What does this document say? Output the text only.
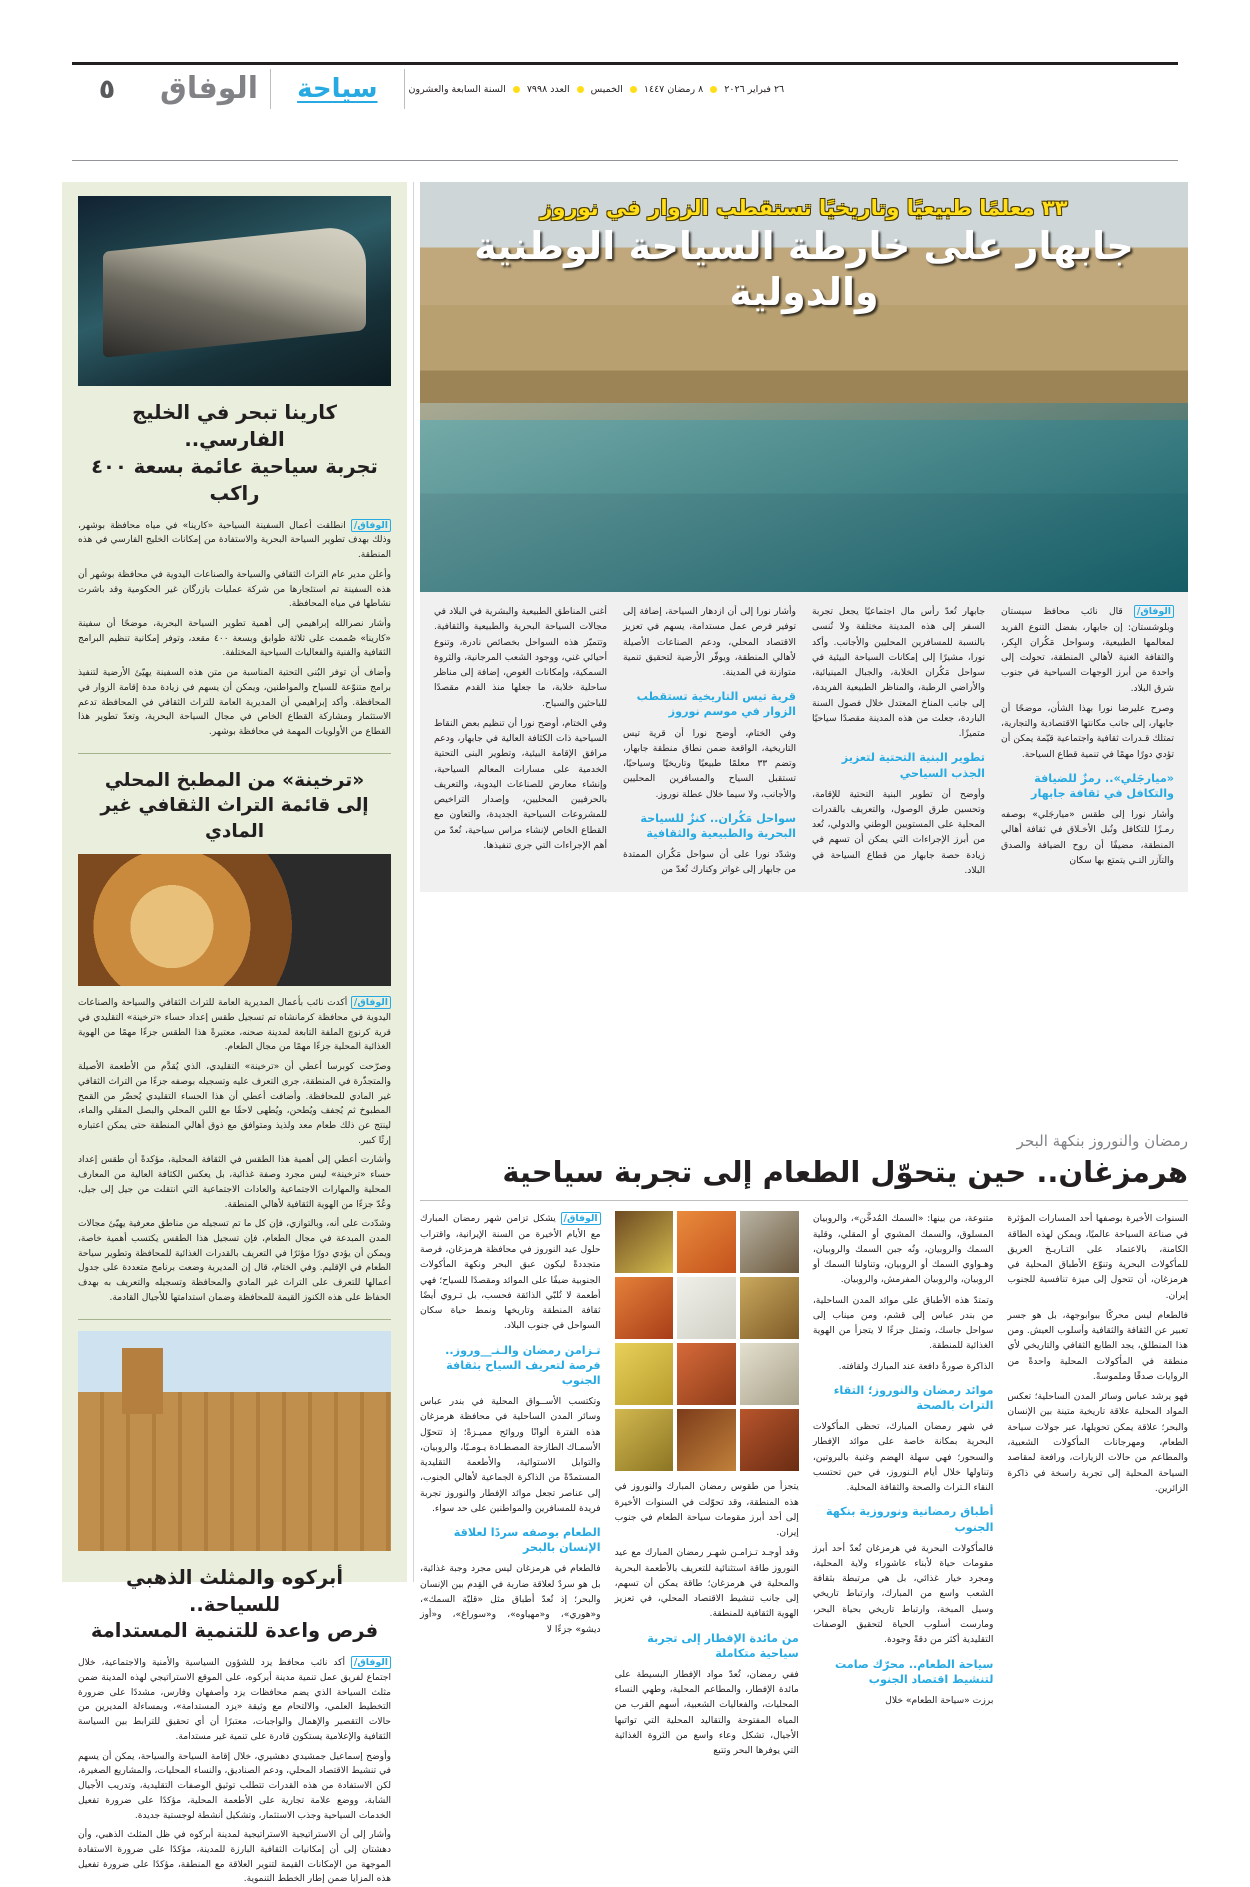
٥	الوفاق	سياحة	٢٦ فبراير ٢٠٢٦  ٨ رمضان ١٤٤٧  الخميس  العدد ٧٩٩٨  السنة السابعة والعشرون
كارينا تبحر في الخليج الفارسي..
تجربة سياحية عائمة بسعة ٤٠٠ راكب

الوفاق/ انطلقت أعمال السفينة السياحية «كارينا» في مياه محافظة بوشهر، وذلك بهدف تطوير السياحة البحرية والاستفادة من إمكانات الخليج الفارسي في هذه المنطقة.

وأعلن مدير عام التراث الثقافي والسياحة والصناعات اليدوية في محافظة بوشهر أن هذه السفينة تم استئجارها من شركة عمليات بازرگان غير الحكومية وقد باشرت نشاطها في مياه المحافظة.

وأشار نصرالله إبراهيمي إلى أهمية تطوير السياحة البحرية، موضحًا أن سفينة «كارينا» صُممت على ثلاثة طوابق وبسعة ٤٠٠ مقعد، وتوفر إمكانية تنظيم البرامج الثقافية والفنية والفعاليات السياحية المختلفة.

وأضاف أن توفر البُنى التحتية المناسبة من متن هذه السفينة يهيّئ الأرضية لتنفيذ برامج متنوّعة للسياح والمواطنين، ويمكن أن يسهم في زيادة مدة إقامة الزوار في المحافظة. وأكد إبراهيمي أن المديرية العامة للتراث الثقافي في المحافظة تدعم الاستثمار ومشاركة القطاع الخاص في مجال السياحة البحرية، وتعدّ تطوير هذا القطاع من الأولويات المهمة في محافظة بوشهر.

«ترخينة» من المطبخ المحلي
إلى قائمة التراث الثقافي غير المادي

الوفاق/ أكدت نائب بأعمال المديرية العامة للتراث الثقافي والسياحة والصناعات اليدوية في محافظة كرمانشاه تم تسجيل طقس إعداد حساء «ترخينة» التقليدي في قرية كرنوچ الملفة التابعة لمدينة صحنه، معتبرةً هذا الطقس جزءًا مهمًا من الهوية الغذائية المحلية جزءًا مهمًا من مجال الطعام.

وصرّحت كوبرسا أعطي أن «ترخينة» التقليدي، الذي يُقدَّم من الأطعمة الأصيلة والمتجذّرة في المنطقة، جرى التعرف عليه وتسجيله بوصفه جزءًا من التراث الثقافي غير المادي للمحافظة. وأضافت أعطي أن هذا الحساء التقليدي يُحضّر من القمح المطبوخ ثم يُجفف ويُطحن، ويُطهى لاحقًا مع اللبن المحلي والبصل المقلي والماء، لينتج عن ذلك طعام معد ولذيذ ومتوافق مع ذوق أهالي المنطقة حتى يمكن اعتباره إرثًا كبير.

وأشارت أعطي إلى أهمية هذا الطقس في الثقافة المحلية، مؤكدةً أن طقس إعداد حساء «ترخينة» ليس مجرد وصفة غذائية، بل يعكس الكثافة العالية من المعارف المحلية والمهارات الاجتماعية والعادات الاجتماعية التي انتقلت من جيل إلى جيل، وعُدّ جزءًا من الهوية الثقافية لأهالي المنطقة.

وشدّدت على أنه، وبالتوازي، فإن كل ما تم تسجيله من مناطق معرفية يهيّئ مجالات المدن المبدعة في مجال الطعام، فإن تسجيل هذا الطقس يكتسب أهمية خاصة، ويمكن أن يؤدي دورًا مؤثرًا في التعريف بالقدرات الغذائية للمحافظة وتطوير سياحة الطعام في الإقليم. وفي الختام، قال إن المديرية وضعت برنامج متعددة على جدول أعمالها للتعرف على التراث غير المادي والمحافظة وتسجيله والتعريف به بهدف الحفاظ على هذه الكنوز القيمة للمحافظة وضمان استدامتها للأجيال القادمة.

أبركوه والمثلث الذهبي للسياحة..
فرص واعدة للتنمية المستدامة

الوفاق/ أكد نائب محافظ يزد للشؤون السياسية والأمنية والاجتماعية، خلال اجتماع لفريق عمل تنمية مدينة أبركوه، على الموقع الاستراتيجي لهذه المدينة ضمن مثلث السياحة الذي يضم محافظات يزد وأصفهان وفارس، مشددًا على ضرورة التخطيط العلمي، والالتحام مع وثيقة «يزد المستدامة»، وبمساءلة المديرين من حالات التقصير والإهمال والواجبات، معتبرًا أن أي تحقيق للترابط بين السياسة الثقافية والإعلامية يستكون قادرة على تنمية غير مستدامة.

وأوضح إسماعيل جمشيدي دهشيري، خلال إقامة السياحة والسياحة، يمكن أن يسهم في تنشيط الاقتصاد المحلي، ودعم الصناديق، والنساء المحليات، والمشاريع الصغيرة، لكن الاستفادة من هذه القدرات تتطلب توثيق الوصفات التقليدية، وتدريب الأجيال الشابة، ووضع علامة تجارية على الأطعمة المحلية، مؤكدًا على ضرورة تفعيل الخدمات السياحية وجذب الاستثمار، وتشكيل أنشطة لوجستية جديدة.

وأشار إلى أن الاستراتيجية الاستراتيجية لمدينة أبركوه في ظل المثلث الذهبي، وأن دهشتان إلى أن إمكانيات الثقافية البارزة للمدينة، مؤكدًا على ضرورة الاستفادة الموجهة من الإمكانات القيمة لتنوير العلاقة مع المنطقة، مؤكدًا على ضرورة تفعيل هذه المزايا ضمن إطار الخطط التنموية.

٣٣ معلمًا طبيعيًا وتاريخيًا تستقطب الزوار في نوروز
جابهار على خارطة السياحة الوطنية والدولية

الوفاق/ قال نائب محافظ سيستان وبلوشستان: إن جابهار، بفضل التنوع الفريد لمعالمها الطبيعية، وسواحل مَكُران البِكر، والثقافة الغنية لأهالي المنطقة، تحولت إلى واحدة من أبرز الوجهات السياحية في جنوب شرق البلاد.

وصرح عليرضا نورا بهذا الشأن، موضحًا أن جابهار، إلى جانب مكانتها الاقتصادية والتجارية، تمتلك قـدرات ثقافية واجتماعية قيّمة يمكن أن تؤدي دورًا مهمًا في تنمية قطاع السياحة.

«ميارجَلي».. رمزٌ للضيافة والتكافل في ثقافة جابهار

وأشار نورا إلى طقس «ميارجَلي» بوصفه رمـزًا للتكافل وتُبل الأخـلاق في ثقافة أهالي المنطقة، مضيفًا أن روح الضيافة والصدق والتآزر التـي يتمتع بها سكان

جابهار تُعدّ رأس مال اجتماعيًا يجعل تجربة السفر إلى هذه المدينة مختلفة ولا تُنسى بالنسبة للمسافرين المحليين والأجانب. وأكد نورا، مشيرًا إلى إمكانات السياحة البيئية في سواحل مَكُران الخلابة، والجبال المينيائية، والأراضي الرطبة، والمناظر الطبيعية الفريدة، إلى جانب المناخ المعتدل خلال فصول السنة الباردة، جعلت من هذه المدينة مقصدًا سياحيًا متميزًا.

تطوير البنية التحتية لتعزيز الجذب السياحي

وأوضح أن تطوير البنية التحتية للإقامة، وتحسين طرق الوصول، والتعريف بالقدرات المحلية على المستويين الوطني والدولي، تُعد من أبرز الإجراءات التي يمكن أن تسهم في زيادة حصة جابهار من قطاع السياحة في البلاد.

وأشار نورا إلى أن ازدهار السياحة، إضافة إلى توفير فرص عمل مستدامة، يسهم في تعزيز الاقتصاد المحلي، ودعم الصناعات الأصيلة لأهالي المنطقة، ويوفّر الأرضية لتحقيق تنمية متوازنة في المدينة.

قرية تيس التاريخية تستقطب الزوار في موسم نوروز

وفي الختام، أوضح نورا أن قرية تيس التاريخية، الواقعة ضمن نطاق منطقة جابهار، وتضم ٣٣ معلمًا طبيعيًا وتاريخيًا وسياحيًا، تستقبل السياح والمسافرين المحليين والأجانب، ولا سيما خلال عطلة نوروز.

سواحل مَكُران.. كنزٌ للسياحة البحرية والطبيعية والثقافية

وشدّد نورا على أن سواحل مَكُران الممتدة من جابهار إلى غواتر وكنارك تُعدّ من

أغنى المناطق الطبيعية والبشرية في البلاد في مجالات السياحة البحرية والطبيعية والثقافية. وتتميّز هذه السواحل بخصائص نادرة، وتنوع أحيائي غني، ووجود الشعب المرجانية، والثروة السمكية، وإمكانات الغوص، إضافة إلى مناظر ساحلية خلابة، ما جعلها منذ القدم مقصدًا للباحثين والسياح.

وفي الختام، أوضح نورا أن تنظيم بعض النقاط السياحية ذات الكثافة العالية في جابهار، ودعم مرافق الإقامة البيئية، وتطوير البنى التحتية الخدمية على مسارات المعالم السياحية، وإنشاء معارض للصناعات اليدوية، والتعريف بالحرفيين المحليين، وإصدار التراخيص للمشروعات السياحية الجديدة، والتعاون مع القطاع الخاص لإنشاء مراس سياحية، تُعدّ من أهم الإجراءات التي جرى تنفيذها.

رمضان والنوروز بنكهة البحر
هرمزغان.. حين يتحوّل الطعام إلى تجربة سياحية

السنوات الأخيرة بوصفها أحد المسارات المؤثرة في صناعة السياحة عالميًا، ويمكن لهذه الطاقة الكامنة، بالاعتماد على التـاريـخ العريق للمأكولات البحرية وتنوّع الأطباق المحلية في هرمزغان، أن تتحول إلى ميزة تنافسية للجنوب إيران.

فالطعام ليس محركًا ببوابوجهة، بل هو جسر تعبير عن الثقافة والثقافية وأسلوب العيش. ومن هذا المنطلق، يجد الطابع الثقافي والتاريخي لأي منطقة في المأكولات المحلية واحدةً من الروايات صدقًا وملموسةً.

فهو يرشد عباس وسائر المدن الساحلية؛ تعكس المواد المحلية علاقة تاريخية متينة بين الإنسان والبحر؛ علاقة يمكن تحويلها، عبر جولات سياحة الطعام، ومهرجانات المأكولات الشعبية، والمطاعم من حالات الزيارات، ورافعة لمقاصد السياحة المحلية إلى تجربة راسخة في ذاكرة الزائرين.

متنوعة، من بينها: «السمك المُدخَّن»، والروبيان المسلوق، والسمك المشوي أو المقلي، وقلية السمك والروبيان، وتُه جبن السمك والروبيان، وهـواوي السمك أو الروبيان، وتناولنا السمك أو الروبيان، والروبيان المفرمش، والروبيان.

وتمتدّ هذه الأطباق على موائد المدن الساحلية، من بندر عباس إلى قشم، ومن ميناب إلى سواحل جاسك، وتمثل جزءًا لا يتجزأ من الهوية الغذائية للمنطقة.

الذاكرة صورةٌ دافعة عند المبارك ولقافته.

موائد رمضان والنوروز؛ التقاء التراث بالصحة

في شهر رمضان المبارك، تحظى المأكولات البحرية بمكانة خاصة على موائد الإفطار والسحور؛ فهي سهلة الهضم وغنية بالبروتين، وتناولها خلال أيام الـنوروز، في حين تحتسب النقاء الـتراث والصحة والثقافة المحلية.

أطباق رمضانية ونوروزية بنكهة الجنوب

فالمأكولات البحرية في هرمزغان تُعدّ أحد أبرز مقومات حياة لأبناء عاشوراء ولاية المحلية، ومجرد خيار غذائي، بل هي مرتبطة بثقافة الشعب واسع من المبارك، وارتباط تاريخي وسيل المبخة، وارتباط تاريخي بحياة البحر، ومارست أسلوب الحياة لتحقيق الوصفات التقليدية أكثر من دقةً وجودة.

سياحة الطعام.. محرّك صامت لتنشيط اقتصاد الجنوب

برزت «سياحة الطعام» خلال

يتجزأ من طقوس رمضان المبارك والنوروز في هذه المنطقة، وقد تحوّلت في السنوات الأخيرة إلى أحد أبرز مقومات سياحة الطعام في جنوب إيران.

وقد أوجـد تـزامـن شهـر رمضان المبارك مع عيد النوروز طاقة استثنائية للتعريف بالأطعمة البحرية والمحلية في هرمزغان؛ طاقة يمكن أن تسهم، إلى جانب تنشيط الاقتصاد المحلي، في تعزيز الهوية الثقافية للمنطقة.

من مائدة الإفطار إلى تجربة سياحية متكاملة

ففي رمضان، تُعدّ مواد الإفطار البسيطة على مائدة الإفطار، والمطاعم المحلية، وطهي النساء المحليات، والفعاليات الشعبية، أسهم القرب من المياه المفتوحة والتقاليد المحلية التي تواتبها الأجيال، تشكل وعاء واسع من الثروة الغذائية التي يوفرها البحر وتتبع

الوفاق/ يشكل تزامن شهر رمضان المبارك مع الأيام الأخيرة من السنة الإيرانية، واقتراب حلول عيد النوروز في محافظة هرمزغان، فرصة متجددةً ليكون عبق البحر ونكهة المأكولات الجنوبية ضيفًا على الموائد ومقصدًا للسياح؛ فهي أطعمة لا تُلبّي الذائقة فحسب، بل تـروي أيضًا ثقافة المنطقة وتاريخها ونمط حياة سكان السواحل في جنوب البلاد.

تـزامن رمضان والـنـ__وروز.. فرصة لتعريف السياح بثقافة الجنوب

وتكتسب الأســواق المحلية في بندر عباس وسائر المدن الساحلية في محافظة هرمزغان هذه الفترة ألوانًا وروائح مميـزةً؛ إذ تتحوّل الأسمـاك الطازجة المصطـادة يـومـيًا، والروبيان، والتوابل الاستوائية، والأطعمة التقليدية المستمدّةً من الذاكرة الجماعية لأهالي الجنوب، إلى عناصر تجعل موائد الإفطار والنوروز تجربة فريدة للمسافرين والمواطنين على حد سواء.

الطعام بوصفه سردًا لعلاقة الإنسان بالبحر

فالطعام في هرمزغان ليس مجرد وجبة غذائية، بل هو سردٌ لعلاقة ضاربة في القِدم بين الإنسان والبحر؛ إذ تُعدّ أطباق مثل «قليّة السمك»، و«هوري»، و«مهياوه»، و«سوراغ»، و«أوز ديشو» جزءًا لا
